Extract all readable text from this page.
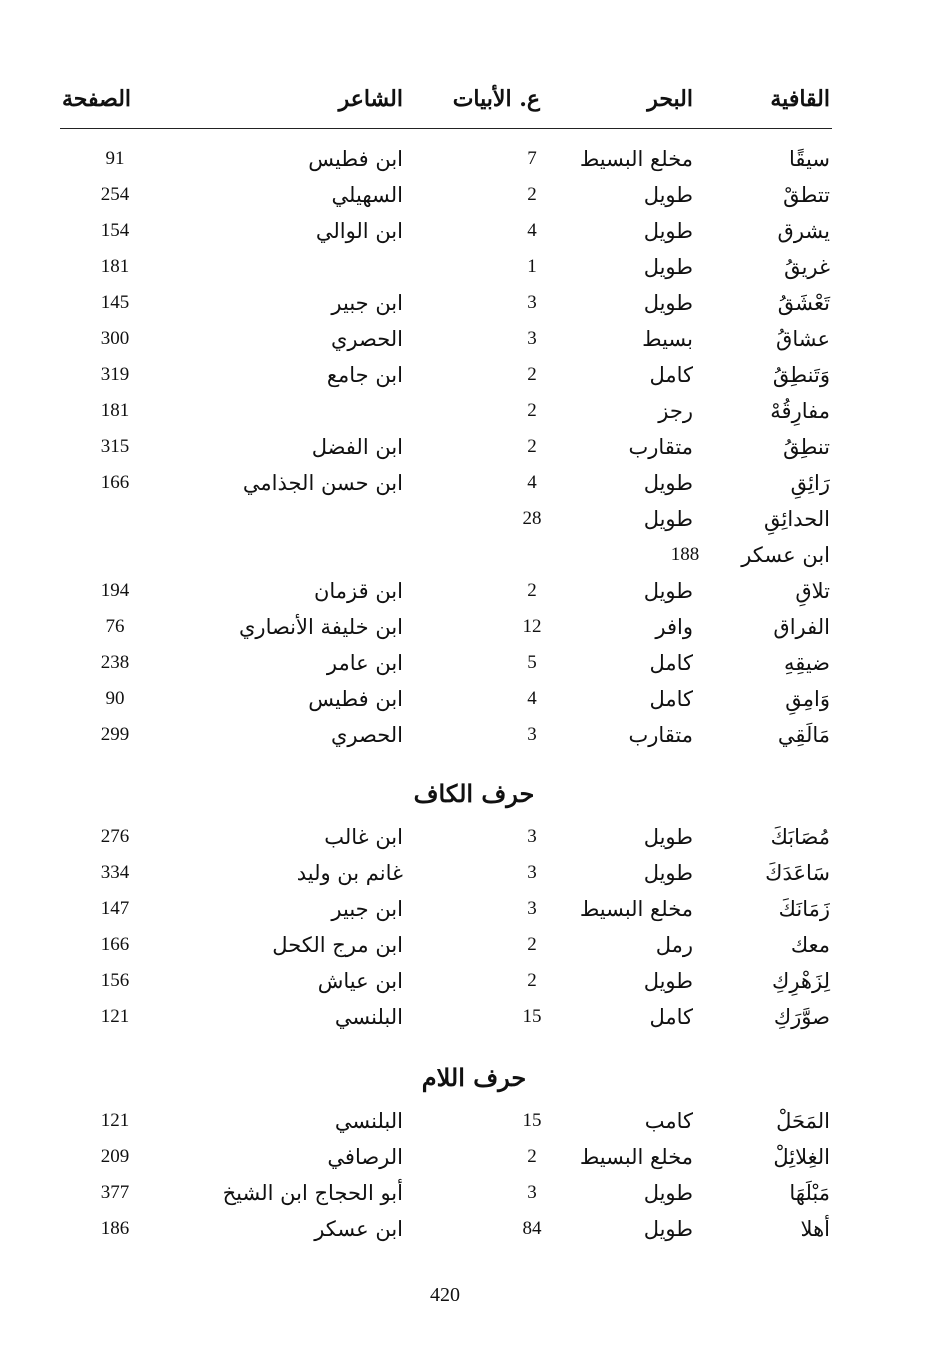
القافية
البحر
ع. الأبيات
الشاعر
الصفحة
سيقًا
مخلع البسيط
7
ابن فطيس
91
تتطقْ
طويل
2
السهيلي
254
يشرق
طويل
4
ابن الوالي
154
غريقُ
طويل
1
181
تَعْشَقُ
طويل
3
ابن جبير
145
عشاقُ
بسيط
3
الحصري
300
وَتَنطِقُ
كامل
2
ابن جامع
319
مفارِقُهْ
رجز
2
181
تنطِقُ
متقارب
2
ابن الفضل
315
رَائِقِ
طويل
4
ابن حسن الجذامي
166
الحدائِقِ
طويل
28
ابن عسكر
188
تلاقِ
طويل
2
ابن قزمان
194
الفراق
وافر
12
ابن خليفة الأنصاري
76
ضيقِهِ
كامل
5
ابن عامر
238
وَامِقِ
كامل
4
ابن فطيس
90
مَالَقِي
متقارب
3
الحصري
299
حرف الكاف
مُصَابَكَ
طويل
3
ابن غالب
276
سَاعَدَكَ
طويل
3
غانم بن وليد
334
زَمَانَكَ
مخلع البسيط
3
ابن جبير
147
معك
رمل
2
ابن مرج الكحل
166
لِزَهْرِكِ
طويل
2
ابن عياش
156
صوَّرَكِ
كامل
15
البلنسي
121
حرف اللام
المَحَلْ
كامب
15
البلنسي
121
الغِلائِلْ
مخلع البسيط
2
الرصافي
209
مَبْلَهَا
طويل
3
أبو الحجاج ابن الشيخ
377
أهلا
طويل
84
ابن عسكر
186
420
